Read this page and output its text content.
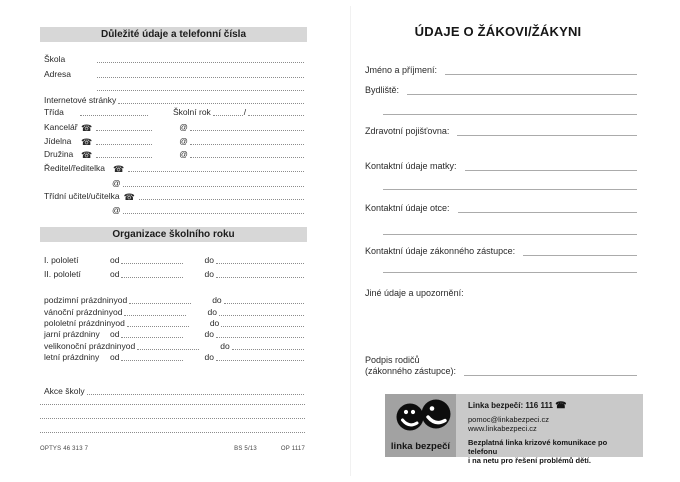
Důležité údaje a telefonní čísla
Škola
Adresa
Internetové stránky
Třída	Školní rok	/
Kancelář ☎	@
Jídelna	☎	@
Družina ☎	@
Ředitel/ředitelka ☎
@
Třídní učitel/učitelka ☎
@
Organizace školního roku
I. pololetí	od	do
II. pololetí	od	do
podzimní prázdniny od	do
vánoční prázdniny od	do
pololetní prázdniny od	do
jarní prázdniny	od	do
velikonoční prázdniny od	do
letní prázdniny	od	do
Akce školy
OPTYS 46 313 7	BS 5/13	OP 1117
ÚDAJE O ŽÁKOVI/ŽÁKYNI
Jméno a příjmení:
Bydliště:
Zdravotní pojišťovna:
Kontaktní údaje matky:
Kontaktní údaje otce:
Kontaktní údaje zákonného zástupce:
Jiné údaje a upozornění:
Podpis rodičů
(zákonného zástupce):
linka bezpečí
Linka bezpečí: 116 111 ☎
pomoc@linkabezpeci.cz
www.linkabezpeci.cz
Bezplatná linka krizové komunikace po telefonu
i na netu pro řešení problémů dětí.
